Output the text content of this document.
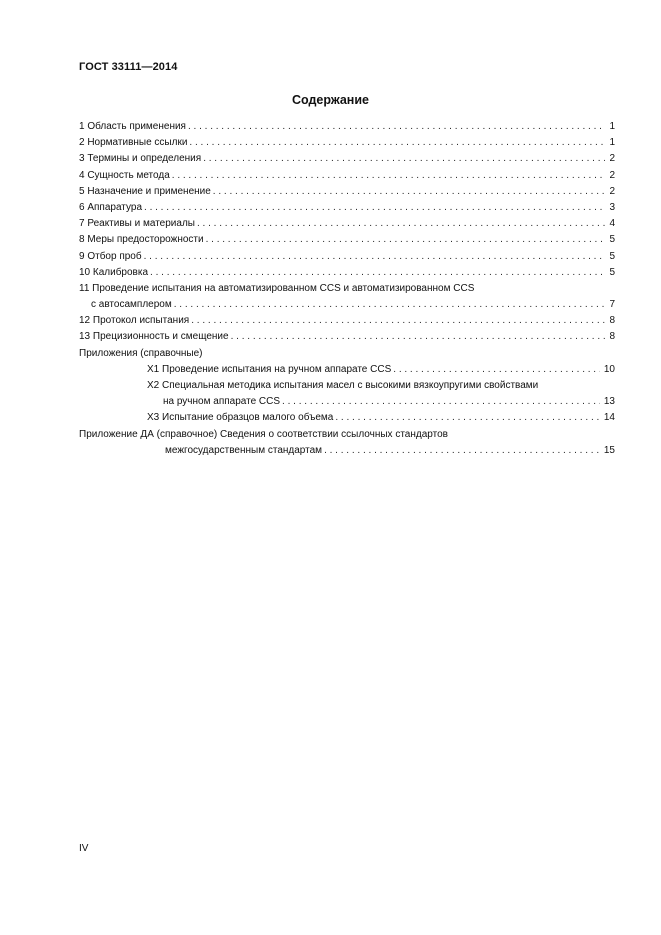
ГОСТ 33111—2014
Содержание
1 Область применения . . .	1
2 Нормативные ссылки . . .	1
3 Термины и определения . . .	2
4 Сущность метода . . .	2
5 Назначение и применение . . .	2
6 Аппаратура . . .	3
7 Реактивы и материалы . . .	4
8 Меры предосторожности . . .	5
9 Отбор проб . . .	5
10 Калибровка . . .	5
11 Проведение испытания на автоматизированном CCS и автоматизированном CCS
с автосамплером . . .	7
12 Протокол испытания . . .	8
13 Прецизионность и смещение . . .	8
Приложения (справочные)
X1 Проведение испытания на ручном аппарате CCS . . .	10
X2 Специальная методика испытания масел с высокими вязкоупругими свойствами
на ручном аппарате CCS . . .	13
X3 Испытание образцов малого объема . . .	14
Приложение ДА (справочное) Сведения о соответствии ссылочных стандартов
межгосударственным стандартам . . .	15
IV
